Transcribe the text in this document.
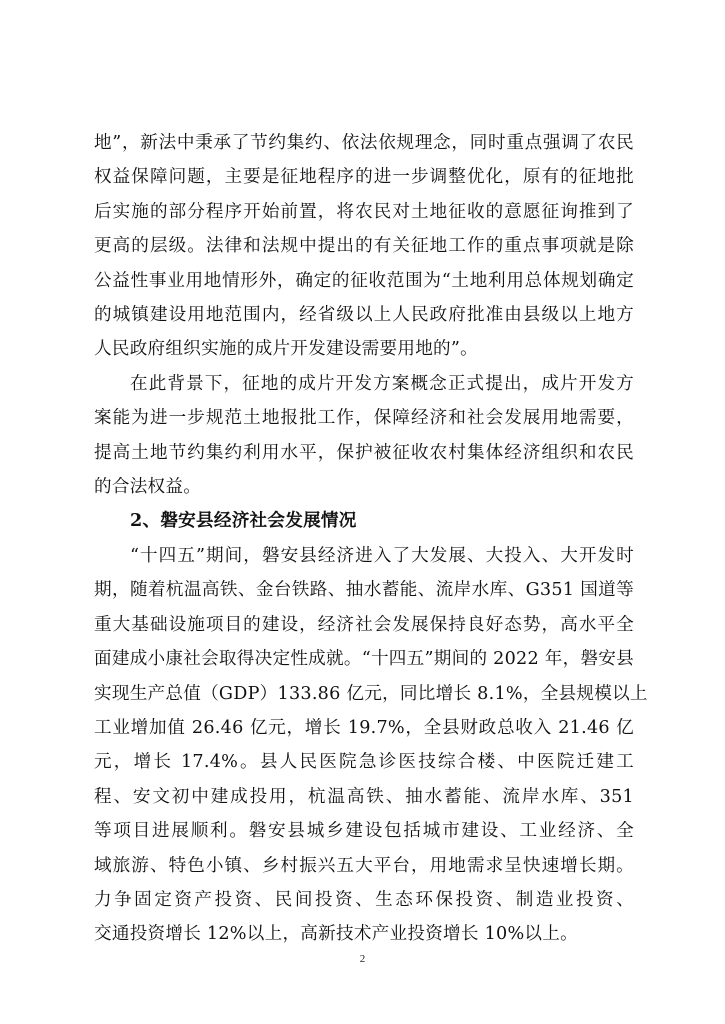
地”，新法中秉承了节约集约、依法依规理念，同时重点强调了农民
权益保障问题，主要是征地程序的进一步调整优化，原有的征地批
后实施的部分程序开始前置，将农民对土地征收的意愿征询推到了
更高的层级。法律和法规中提出的有关征地工作的重点事项就是除
公益性事业用地情形外，确定的征收范围为“土地利用总体规划确定
的城镇建设用地范围内，经省级以上人民政府批准由县级以上地方
人民政府组织实施的成片开发建设需要用地的”。

在此背景下，征地的成片开发方案概念正式提出，成片开发方
案能为进一步规范土地报批工作，保障经济和社会发展用地需要，
提高土地节约集约利用水平，保护被征收农村集体经济组织和农民
的合法权益。

2、磐安县经济社会发展情况

“十四五”期间，磐安县经济进入了大发展、大投入、大开发时
期，随着杭温高铁、金台铁路、抽水蓄能、流岸水库、G351 国道等
重大基础设施项目的建设，经济社会发展保持良好态势，高水平全
面建成小康社会取得决定性成就。“十四五”期间的 2022 年，磐安县
实现生产总值（GDP）133.86 亿元，同比增长 8.1%，全县规模以上
工业增加值 26.46 亿元，增长 19.7%，全县财政总收入 21.46 亿
元，增长 17.4%。县人民医院急诊医技综合楼、中医院迁建工
程、安文初中建成投用，杭温高铁、抽水蓄能、流岸水库、351
等项目进展顺利。磐安县城乡建设包括城市建设、工业经济、全
域旅游、特色小镇、乡村振兴五大平台，用地需求呈快速增长期。
力争固定资产投资、民间投资、生态环保投资、制造业投资、
交通投资增长 12%以上，高新技术产业投资增长 10%以上。

2
